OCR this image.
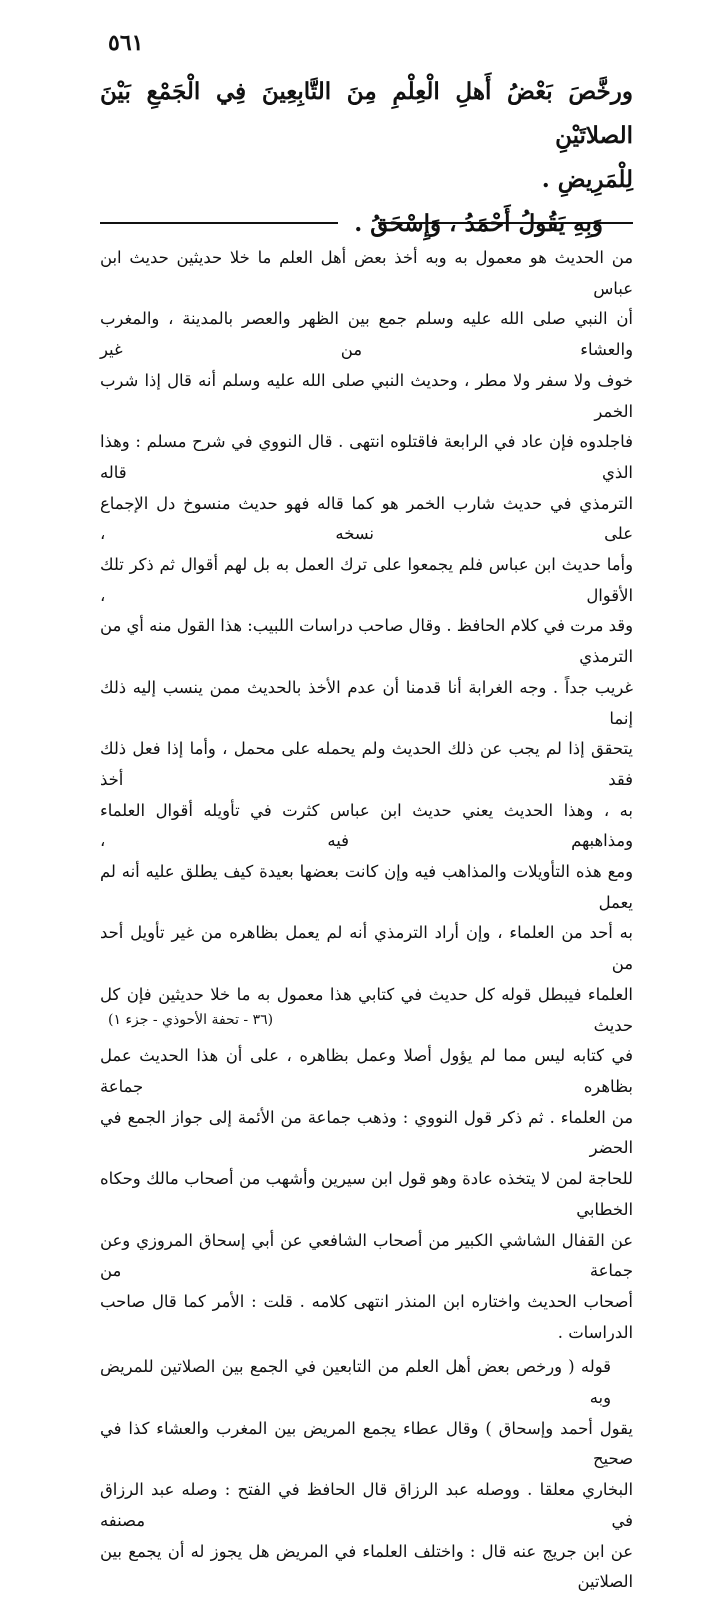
٥٦١

ورخَّصَ بَعْضُ أَهلِ الْعِلْمِ مِنَ التَّابِعِينَ فِي الْجَمْعِ بَيْنَ الصلاتَيْنِ

لِلْمَرِيضِ .

وَبِهِ يَقُولُ أَحْمَدُ ، وَإِسْحَقُ .

من الحديث هو معمول به وبه أخذ بعض أهل العلم ما خلا حديثين حديث ابن عباس

أن النبي صلى الله عليه وسلم جمع بين الظهر والعصر بالمدينة ، والمغرب والعشاء من غير

خوف ولا سفر ولا مطر ، وحديث النبي صلى الله عليه وسلم أنه قال إذا شرب الخمر

فاجلدوه فإن عاد في الرابعة فاقتلوه انتهى . قال النووي في شرح مسلم : وهذا الذي قاله

الترمذي في حديث شارب الخمر هو كما قاله فهو حديث منسوخ دل الإجماع على نسخه ،

وأما حديث ابن عباس فلم يجمعوا على ترك العمل به بل لهم أقوال ثم ذكر تلك الأقوال ،

وقد مرت في كلام الحافظ . وقال صاحب دراسات اللبيب: هذا القول منه أي من الترمذي

غريب جداً . وجه الغرابة أنا قدمنا أن عدم الأخذ بالحديث ممن ينسب إليه ذلك إنما

يتحقق إذا لم يجب عن ذلك الحديث ولم يحمله على محمل ، وأما إذا فعل ذلك فقد أخذ

به ، وهذا الحديث يعني حديث ابن عباس كثرت في تأويله أقوال العلماء ومذاهبهم فيه ،

ومع هذه التأويلات والمذاهب فيه وإن كانت بعضها بعيدة كيف يطلق عليه أنه لم يعمل

به أحد من العلماء ، وإن أراد الترمذي أنه لم يعمل بظاهره من غير تأويل أحد من

العلماء فيبطل قوله كل حديث في كتابي هذا معمول به ما خلا حديثين فإن كل حديث

في كتابه ليس مما لم يؤول أصلا وعمل بظاهره ، على أن هذا الحديث عمل بظاهره جماعة

من العلماء . ثم ذكر قول النووي : وذهب جماعة من الأئمة إلى جواز الجمع في الحضر

للحاجة لمن لا يتخذه عادة وهو قول ابن سيرين وأشهب من أصحاب مالك وحكاه الخطابي

عن القفال الشاشي الكبير من أصحاب الشافعي عن أبي إسحاق المروزي وعن جماعة من

أصحاب الحديث واختاره ابن المنذر انتهى كلامه . قلت : الأمر كما قال صاحب

الدراسات .

قوله ( ورخص بعض أهل العلم من التابعين في الجمع بين الصلاتين للمريض وبه

يقول أحمد وإسحاق ) وقال عطاء يجمع المريض بين المغرب والعشاء كذا في صحيح

البخاري معلقا . ووصله عبد الرزاق قال الحافظ في الفتح : وصله عبد الرزاق في مصنفه

عن ابن جريج عنه قال : واختلف العلماء في المريض هل يجوز له أن يجمع بين الصلاتين

(٣٦ - تحفة الأحوذي - جزء ١)
